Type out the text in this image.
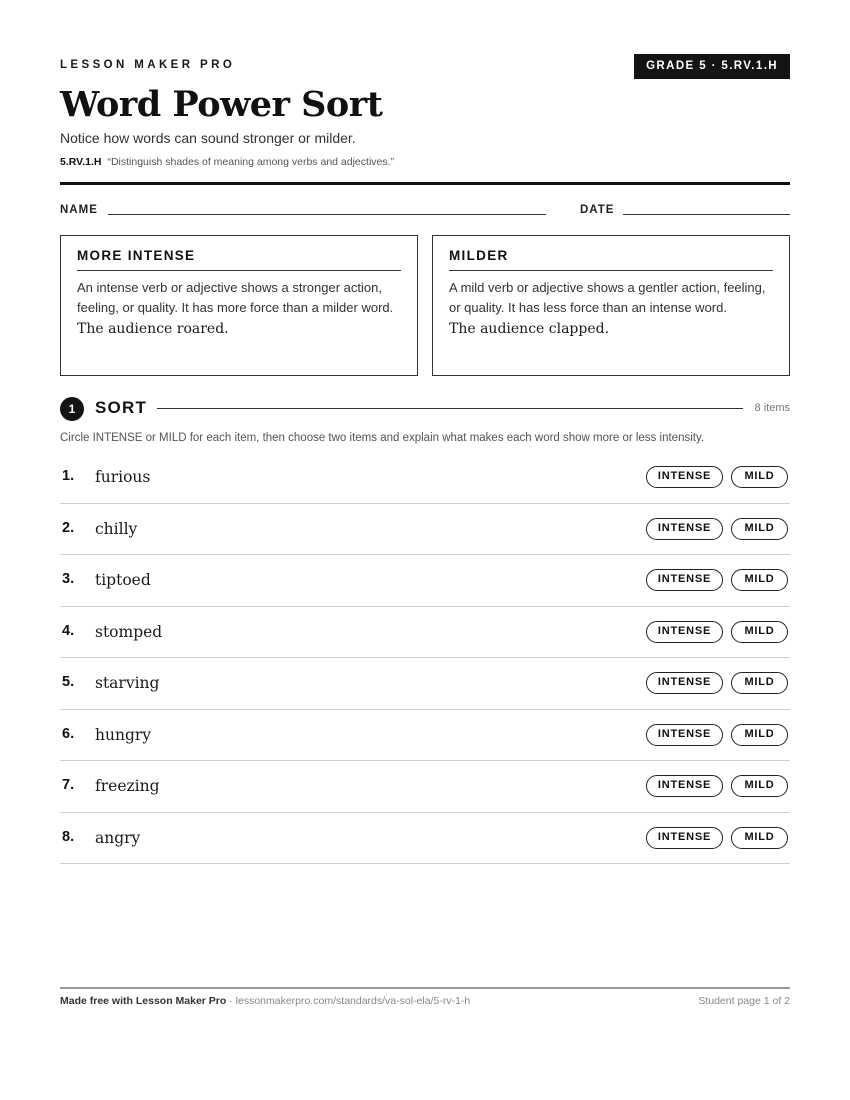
LESSON MAKER PRO	GRADE 5 · 5.RV.1.H
Word Power Sort
Notice how words can sound stronger or milder.
5.RV.1.H “Distinguish shades of meaning among verbs and adjectives.”
NAME	DATE
MORE INTENSE
An intense verb or adjective shows a stronger action, feeling, or quality. It has more force than a milder word.
The audience roared.
MILDER
A mild verb or adjective shows a gentler action, feeling, or quality. It has less force than an intense word.
The audience clapped.
1	SORT	8 items
Circle INTENSE or MILD for each item, then choose two items and explain what makes each word show more or less intensity.
1. furious	INTENSE	MILD
2. chilly	INTENSE	MILD
3. tiptoed	INTENSE	MILD
4. stomped	INTENSE	MILD
5. starving	INTENSE	MILD
6. hungry	INTENSE	MILD
7. freezing	INTENSE	MILD
8. angry	INTENSE	MILD
Made free with Lesson Maker Pro · lessonmakerpro.com/standards/va-sol-ela/5-rv-1-h	Student page 1 of 2
